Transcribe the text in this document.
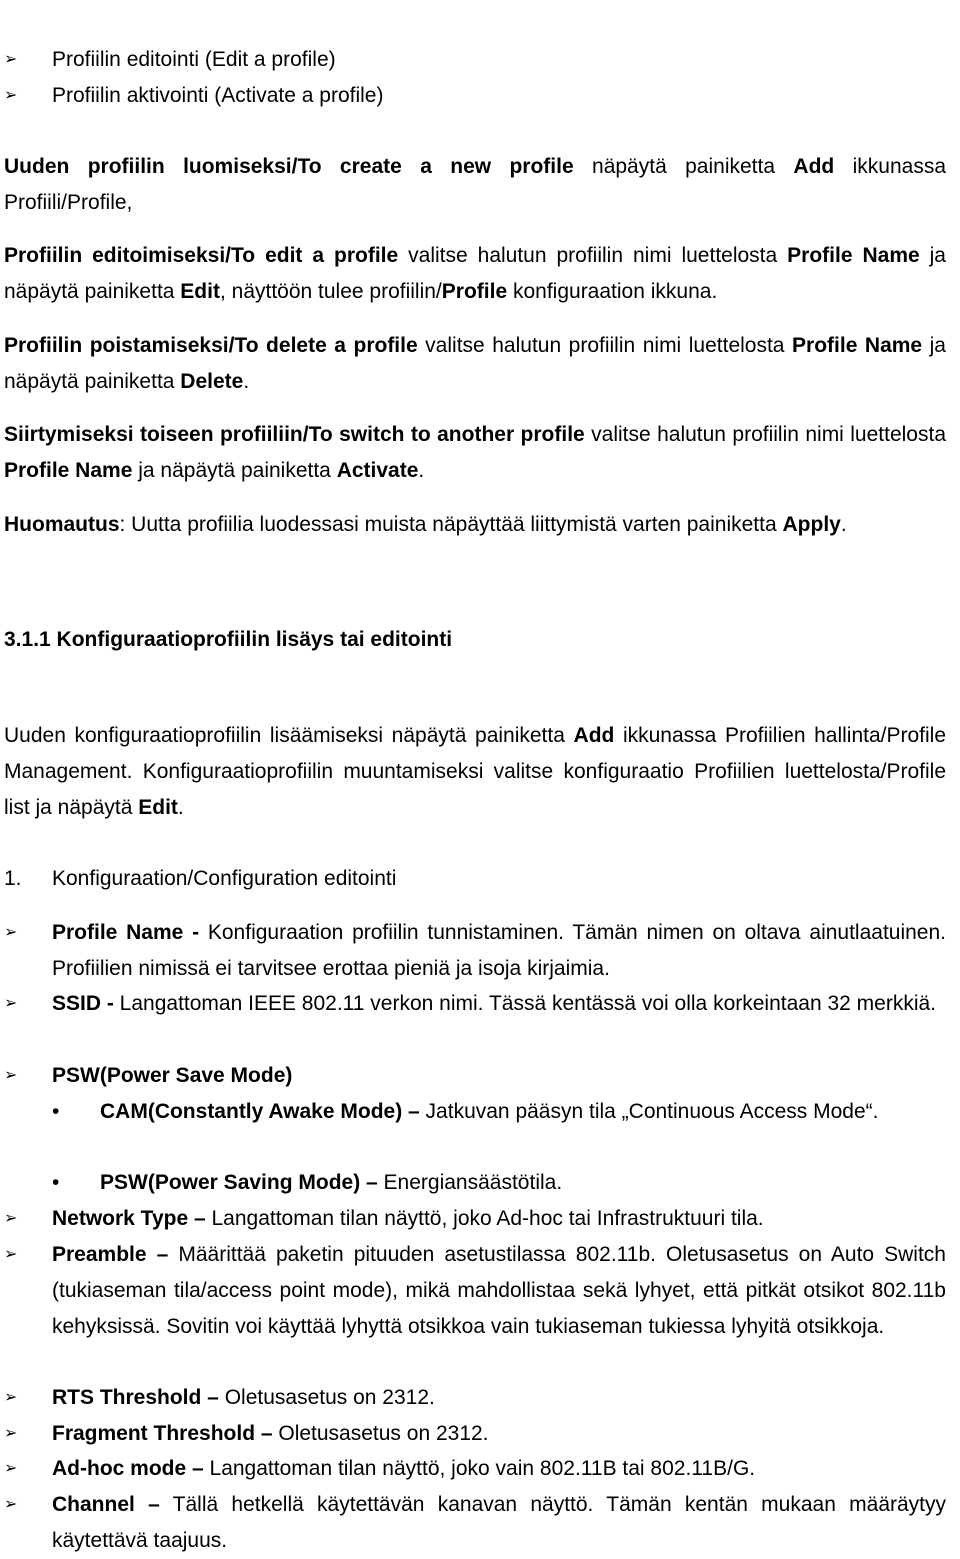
➢	Profiilin editointi (Edit a profile)
➢	Profiilin aktivointi (Activate a profile)
Uuden profiilin luomiseksi/To create a new profile näpäytä painiketta Add ikkunassa Profiili/Profile,
Profiilin editoimiseksi/To edit a profile valitse halutun profiilin nimi luettelosta Profile Name ja näpäytä painiketta Edit, näyttöön tulee profiilin/Profile konfiguraation ikkuna.
Profiilin poistamiseksi/To delete a profile valitse halutun profiilin nimi luettelosta Profile Name ja näpäytä painiketta Delete.
Siirtymiseksi toiseen profiiliin/To switch to another profile valitse halutun profiilin nimi luettelosta Profile Name ja näpäytä painiketta Activate.
Huomautus: Uutta profiilia luodessasi muista näpäyttää liittymistä varten painiketta Apply.
3.1.1 Konfiguraatioprofiilin lisäys tai editointi
Uuden konfiguraatioprofiilin lisäämiseksi näpäytä painiketta Add ikkunassa Profiilien hallinta/Profile Management. Konfiguraatioprofiilin muuntamiseksi valitse konfiguraatio Profiilien luettelosta/Profile list ja näpäytä Edit.
1. Konfiguraation/Configuration editointi
➢	Profile Name - Konfiguraation profiilin tunnistaminen. Tämän nimen on oltava ainutlaatuinen. Profiilien nimissä ei tarvitsee erottaa pieniä ja isoja kirjaimia.
➢	SSID - Langattoman IEEE 802.11 verkon nimi. Tässä kentässä voi olla korkeintaan 32 merkkiä.
➢	PSW(Power Save Mode)
•	CAM(Constantly Awake Mode) – Jatkuvan pääsyn tila „Continuous Access Mode“.
•	PSW(Power Saving Mode) – Energiansäästötila.
➢	Network Type – Langattoman tilan näyttö, joko Ad-hoc tai Infrastruktuuri tila.
➢	Preamble – Määrittää paketin pituuden asetustilassa 802.11b. Oletusasetus on Auto Switch (tukiaseman tila/access point mode), mikä mahdollistaa sekä lyhyet, että pitkät otsikot 802.11b kehyksissä. Sovitin voi käyttää lyhyttä otsikkoa vain tukiaseman tukiessa lyhyitä otsikkoja.
➢	RTS Threshold – Oletusasetus on 2312.
➢	Fragment Threshold – Oletusasetus on 2312.
➢	Ad-hoc mode – Langattoman tilan näyttö, joko vain 802.11B tai 802.11B/G.
➢	Channel – Tällä hetkellä käytettävän kanavan näyttö. Tämän kentän mukaan määräytyy käytettävä taajuus.
